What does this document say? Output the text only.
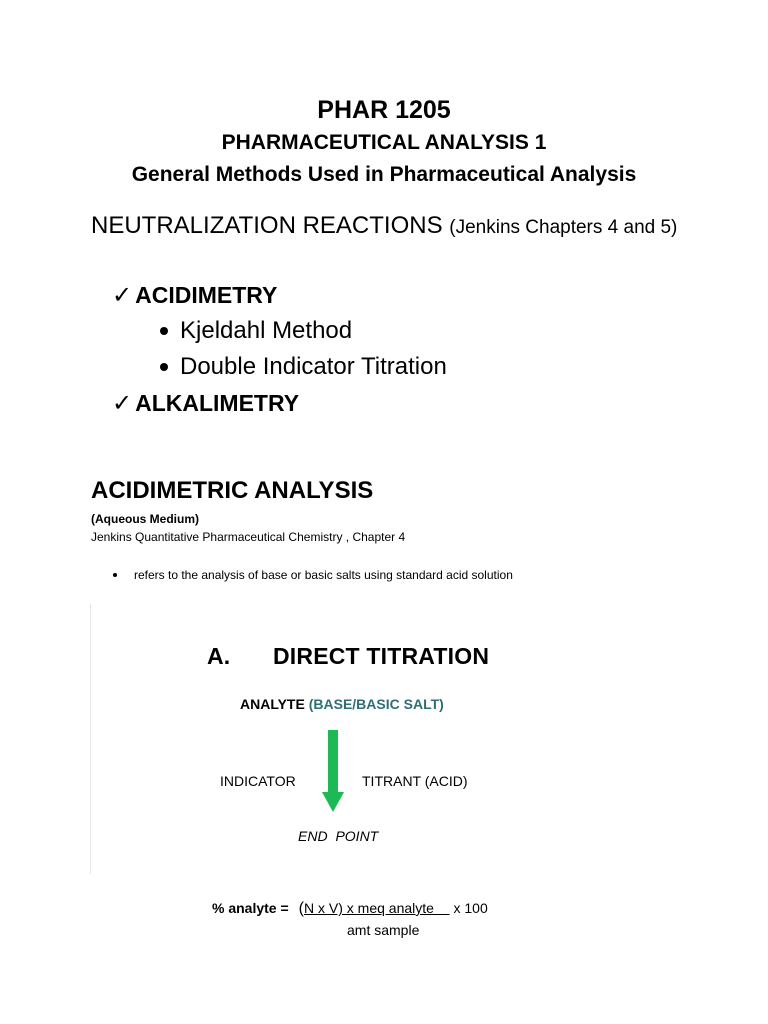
PHAR 1205
PHARMACEUTICAL ANALYSIS 1
General Methods Used in Pharmaceutical Analysis
NEUTRALIZATION REACTIONS (Jenkins Chapters 4 and 5)
✓ ACIDIMETRY
Kjeldahl Method
Double Indicator Titration
✓ ALKALIMETRY
ACIDIMETRIC ANALYSIS
(Aqueous Medium)
Jenkins Quantitative Pharmaceutical Chemistry , Chapter 4
refers to the analysis of base or basic salts using standard acid solution
A. DIRECT TITRATION
ANALYTE (BASE/BASIC SALT)
INDICATOR	TITRANT (ACID)
END POINT
% analyte = (N x V) x meq analyte    x 100
amt sample
